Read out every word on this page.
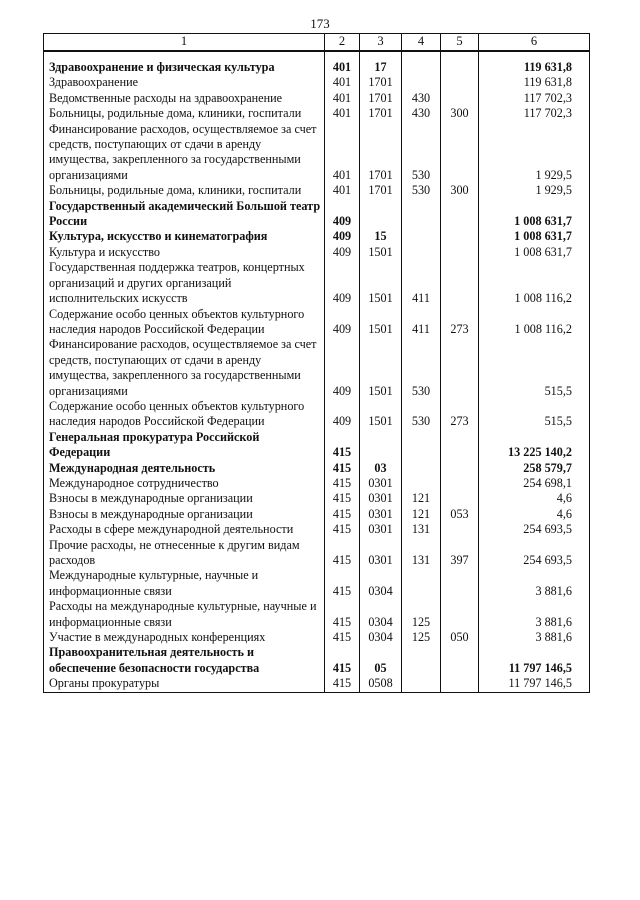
173
1	2	3	4	5	6

Здравоохранение и физическая культура	401	17			119 631,8
Здравоохранение	401	1701			119 631,8
Ведомственные расходы на здравоохранение	401	1701	430		117 702,3
Больницы, родильные дома, клиники, госпитали	401	1701	430	300	117 702,3
Финансирование расходов, осуществляемое за счет средств, поступающих от сдачи в аренду имущества, закрепленного за государственными организациями	401	1701	530		1 929,5
Больницы, родильные дома, клиники, госпитали	401	1701	530	300	1 929,5
Государственный академический Большой театр России	409				1 008 631,7
Культура, искусство и кинематография	409	15			1 008 631,7
Культура и искусство	409	1501			1 008 631,7
Государственная поддержка театров, концертных организаций и других организаций исполнительских искусств	409	1501	411		1 008 116,2
Содержание особо ценных объектов культурного наследия народов Российской Федерации	409	1501	411	273	1 008 116,2
Финансирование расходов, осуществляемое за счет средств, поступающих от сдачи в аренду имущества, закрепленного за государственными организациями	409	1501	530		515,5
Содержание особо ценных объектов культурного наследия народов Российской Федерации	409	1501	530	273	515,5
Генеральная прокуратура Российской Федерации	415				13 225 140,2
Международная деятельность	415	03			258 579,7
Международное сотрудничество	415	0301			254 698,1
Взносы в международные организации	415	0301	121		4,6
Взносы в международные организации	415	0301	121	053	4,6
Расходы в сфере международной деятельности	415	0301	131		254 693,5
Прочие расходы, не отнесенные к другим видам расходов	415	0301	131	397	254 693,5
Международные культурные, научные и информационные связи	415	0304			3 881,6
Расходы на международные культурные, научные и информационные связи	415	0304	125		3 881,6
Участие в международных конференциях	415	0304	125	050	3 881,6
Правоохранительная деятельность и обеспечение безопасности государства	415	05			11 797 146,5
Органы прокуратуры	415	0508			11 797 146,5
